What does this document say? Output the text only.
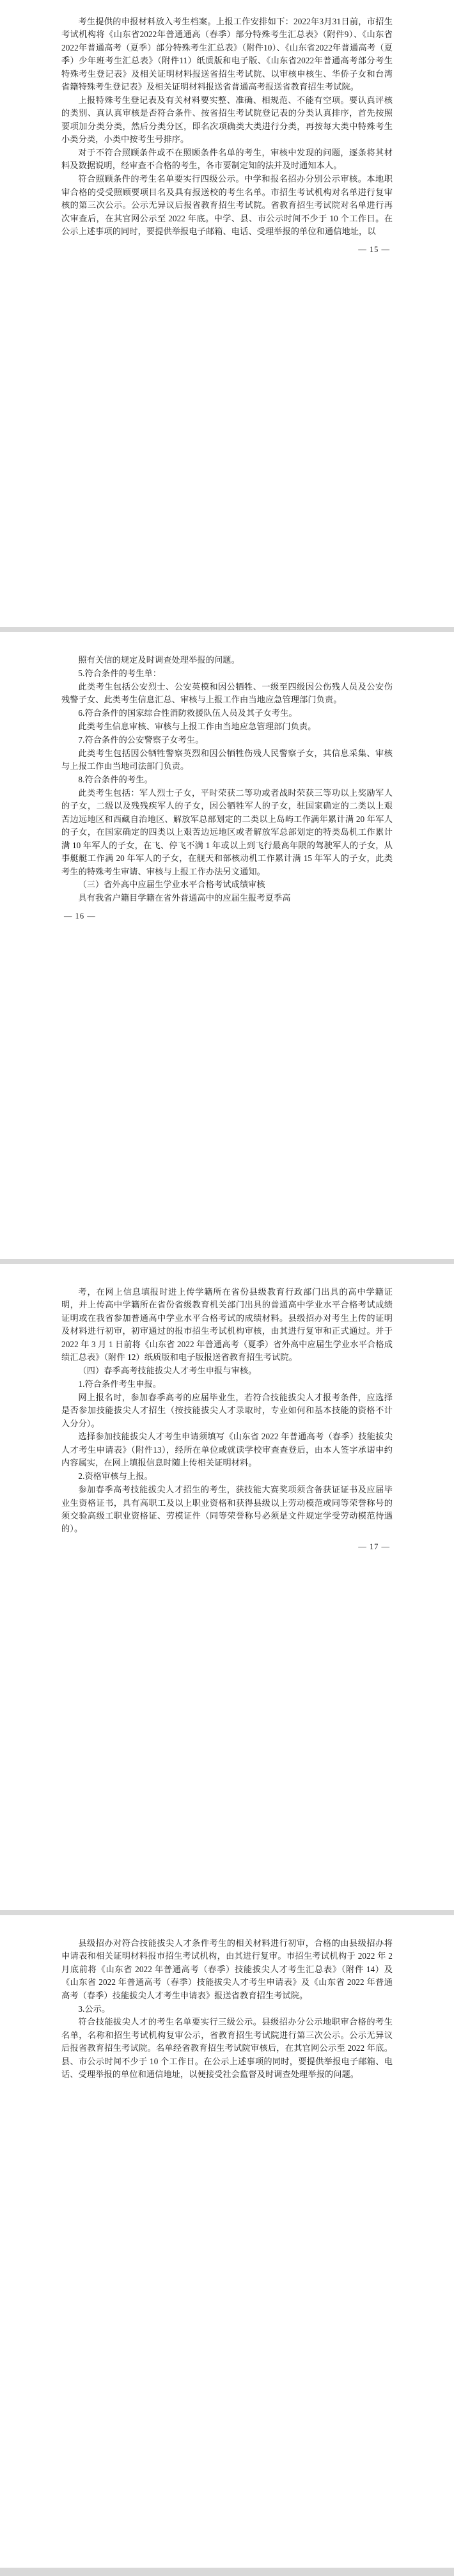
考生提供的申报材料放入考生档案。上报工作安排如下：2022年3月31日前，市招生考试机构将《山东省2022年普通通高（春季）部分特殊考生汇总表》（附件9）、《山东省2022年普通高考（夏季）部分特殊考生汇总表》（附件10）、《山东省2022年普通高考（夏季）少年班考生汇总表》（附件11）纸质版和电子版、《山东省2022年普通高考部分考生特殊考生登记表》及相关证明材料报送省招生考试院、以审核申核生、华侨子女和台湾省籍特殊考生登记表》及相关证明材料报送省普通高考报送省教育招生考试院。

上报特殊考生登记表及有关材料要实整、准确、相规范、不能有空项。要认真评核的类别、真认真审核是否符合条件、按省招生考试院登记表的分类认真排序，首先按照要项加分类分类，然后分类分区，即名次项确类大类进行分类，再按每大类中特殊考生小类分类，小类中按考生号排序。

对于不符合照顾条件或不在照顾条件名单的考生，审核中发现的问题，逐条将其材料及数据说明，经审查不合格的考生，各市要制定知的法并及时通知本人。

符合照顾条件的考生名单要实行四级公示。中学和报名招办分别公示审核。本地职审合格的受受照顾要项目名及具有报送校的考生名单。市招生考试机构对名单进行复审核的第三次公示。公示无异议后报省教育招生考试院。省教育招生考试院对名单进行再次审查后，在其官网公示至 2022 年底。中学、县、市公示时间不少于 10 个工作日。在公示上述事项的同时，要提供举报电子邮箱、电话、受理举报的单位和通信地址，以

— 15 —

照有关信的规定及时调查处理举报的问题。

5.符合条件的考生单：

此类考生包括公安烈士、公安英模和因公牺牲、一级至四级因公伤残人员及公安伤残警子女、此类考生信息汇总、审核与上报工作由当地应急管理部门负责。

6.符合条件的国家综合性消防救援队伍人员及其子女考生。

此类考生信息审核、审核与上报工作由当地应急管理部门负责。

7.符合条件的公安警察子女考生。

此类考生包括因公牺牲警察英烈和因公牺牲伤残人民警察子女，其信息采集、审核与上报工作由当地司法部门负责。

8.符合条件的考生。

此类考生包括：军人烈士子女，平时荣获二等功或者战时荣获三等功以上奖励军人的子女，二级以及残残疾军人的子女，因公牺牲军人的子女，驻国家确定的二类以上艰苦边远地区和西藏自治地区、解放军总部划定的二类以上岛屿工作满年累计满 20 年军人的子女，在国家确定的四类以上艰苦边远地区或者解放军总部划定的特类岛机工作累计满 10 年军人的子女，在飞、停飞不满 1 年或以上到飞行最高年限的驾驶军人的子女，从事艇艇工作满 20 年军人的子女，在舰天和部核动机工作累计满 15 年军人的子女，此类考生的特殊考生审请、审核与上报工作办法另文通知。

（三）省外高中应届生学业水平合格考试成绩审核

具有我省户籍目学籍在省外普通高中的应届生报考夏季高

— 16 —

考，在网上信息填报时进上传学籍所在省份县级教育行政部门出具的高中学籍证明，并上传高中学籍所在省份省级教育机关部门出具的普通高中学业水平合格考试成绩证明或在我省参加普通高中学业水平合格考试的成绩材料。县级招办对考生上传的证明及材料进行初审，初审通过的报市招生考试机构审核，由其进行复审和正式通过。并于 2022 年 3 月 1 日前将《山东省 2022 年普通高考（夏季）省外高中应届生学业水平合格成绩汇总表》（附件 12）纸质版和电子版报送省教育招生考试院。

（四）春季高考技能拔尖人才考生申报与审核。

1.符合条件考生申报。

网上报名时，参加春季高考的应届毕业生，若符合技能拔尖人才报考条件，应选择是否参加技能拔尖人才招生（按技能拔尖人才录取时，专业如何和基本技能的资格不计入分分）。

选择参加技能拔尖人才考生申请须填写《山东省 2022 年普通高考（春季）技能拔尖人才考生申请表》（附件13），经所在单位或就读学校审查查登后，由本人签字承诺申约内容属实，在网上填报信息时随上传相关证明材料。

2.资格审核与上报。

参加春季高考技能拔尖人才招生的考生，获技能大赛奖项须含备获证证书及应届毕业生资格证书，具有高职工及以上职业资格和获得县级以上劳动模范或同等荣誉称号的须交验高级工职业资格证、劳模证件（同等荣誉称号必须是文件规定学受劳动模范待遇的）。

— 17 —

县级招办对符合技能拔尖人才条件考生的相关材料进行初审，合格的由县级招办将申请表和相关证明材料报市招生考试机构，由其进行复审。市招生考试机构于 2022 年 2 月底前将《山东省 2022 年普通高考（春季）技能拔尖人才考生汇总表》（附件 14）及《山东省 2022 年普通高考（春季）技能拔尖人才考生申请表》及《山东省 2022 年普通高考（春季）技能拔尖人才考生申请表》报送省教育招生考试院。

3.公示。

符合技能拔尖人才的考生名单要实行三级公示。县级招办分公示地职审合格的考生名单，名称和招生考试机构复审公示，省教育招生考试院进行第三次公示。公示无异议后报省教育招生考试院。名单经省教育招生考试院审核后，在其官网公示至 2022 年底。县、市公示时间不少于 10 个工作日。在公示上述事项的同时，要提供举报电子邮箱、电话、受理举报的单位和通信地址，以便接受社会监督及时调查处理举报的问题。
